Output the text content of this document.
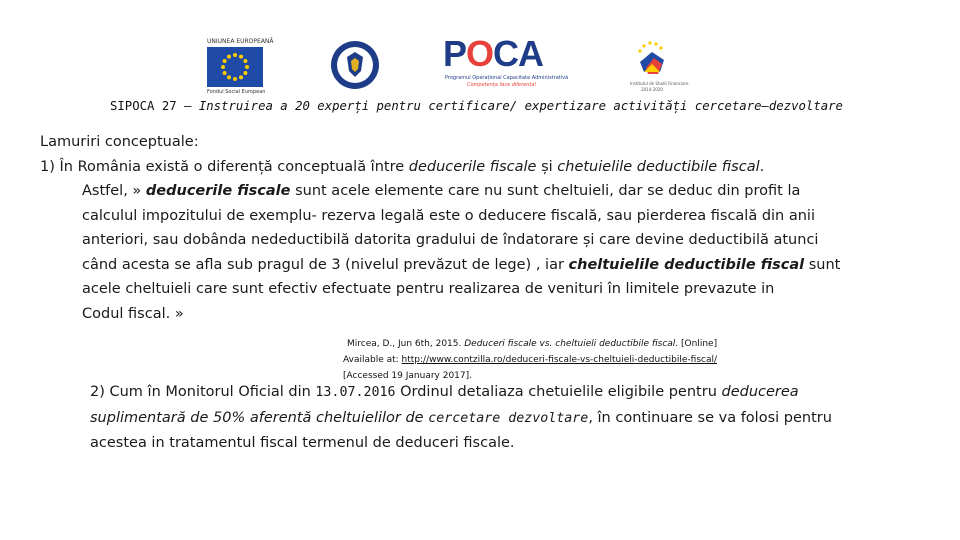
UNIUNEA EUROPEANĂ
Fondul Social European
POCA
Programul Operațional Capacitate Administrativă
Competența face diferența!	Institutul de Studii Financiare
2014-2020
SIPOCA 27 – Instruirea a 20 experți pentru certificare/ expertizare activități cercetare–dezvoltare
Lamuriri conceptuale:
1) În România există o diferență conceptuală între deducerile fiscale și chetuielile deductibile fiscal.
Astfel, » deducerile fiscale sunt acele elemente care nu sunt cheltuieli, dar se deduc din profit la
calculul impozitului de exemplu- rezerva legală este o deducere fiscală, sau pierderea fiscală din anii
anteriori, sau dobânda nedeductibilă datorita gradului de îndatorare și care devine deductibilă atunci
când acesta se afla sub pragul de 3 (nivelul prevăzut de lege) , iar cheltuielile deductibile fiscal sunt
acele cheltuieli care sunt efectiv efectuate pentru realizarea de venituri în limitele prevazute in
Codul fiscal. »
Mircea, D., Jun 6th, 2015. Deduceri fiscale vs. cheltuieli deductibile fiscal. [Online]
Available at: http://www.contzilla.ro/deduceri-fiscale-vs-cheltuieli-deductibile-fiscal/
[Accessed 19 January 2017].
2) Cum în Monitorul Oficial din 13.07.2016 Ordinul detaliaza chetuielile eligibile pentru deducerea
suplimentară de 50% aferentă cheltuielilor de cercetare dezvoltare, în continuare se va folosi pentru
acestea in tratamentul fiscal termenul de deduceri fiscale.
